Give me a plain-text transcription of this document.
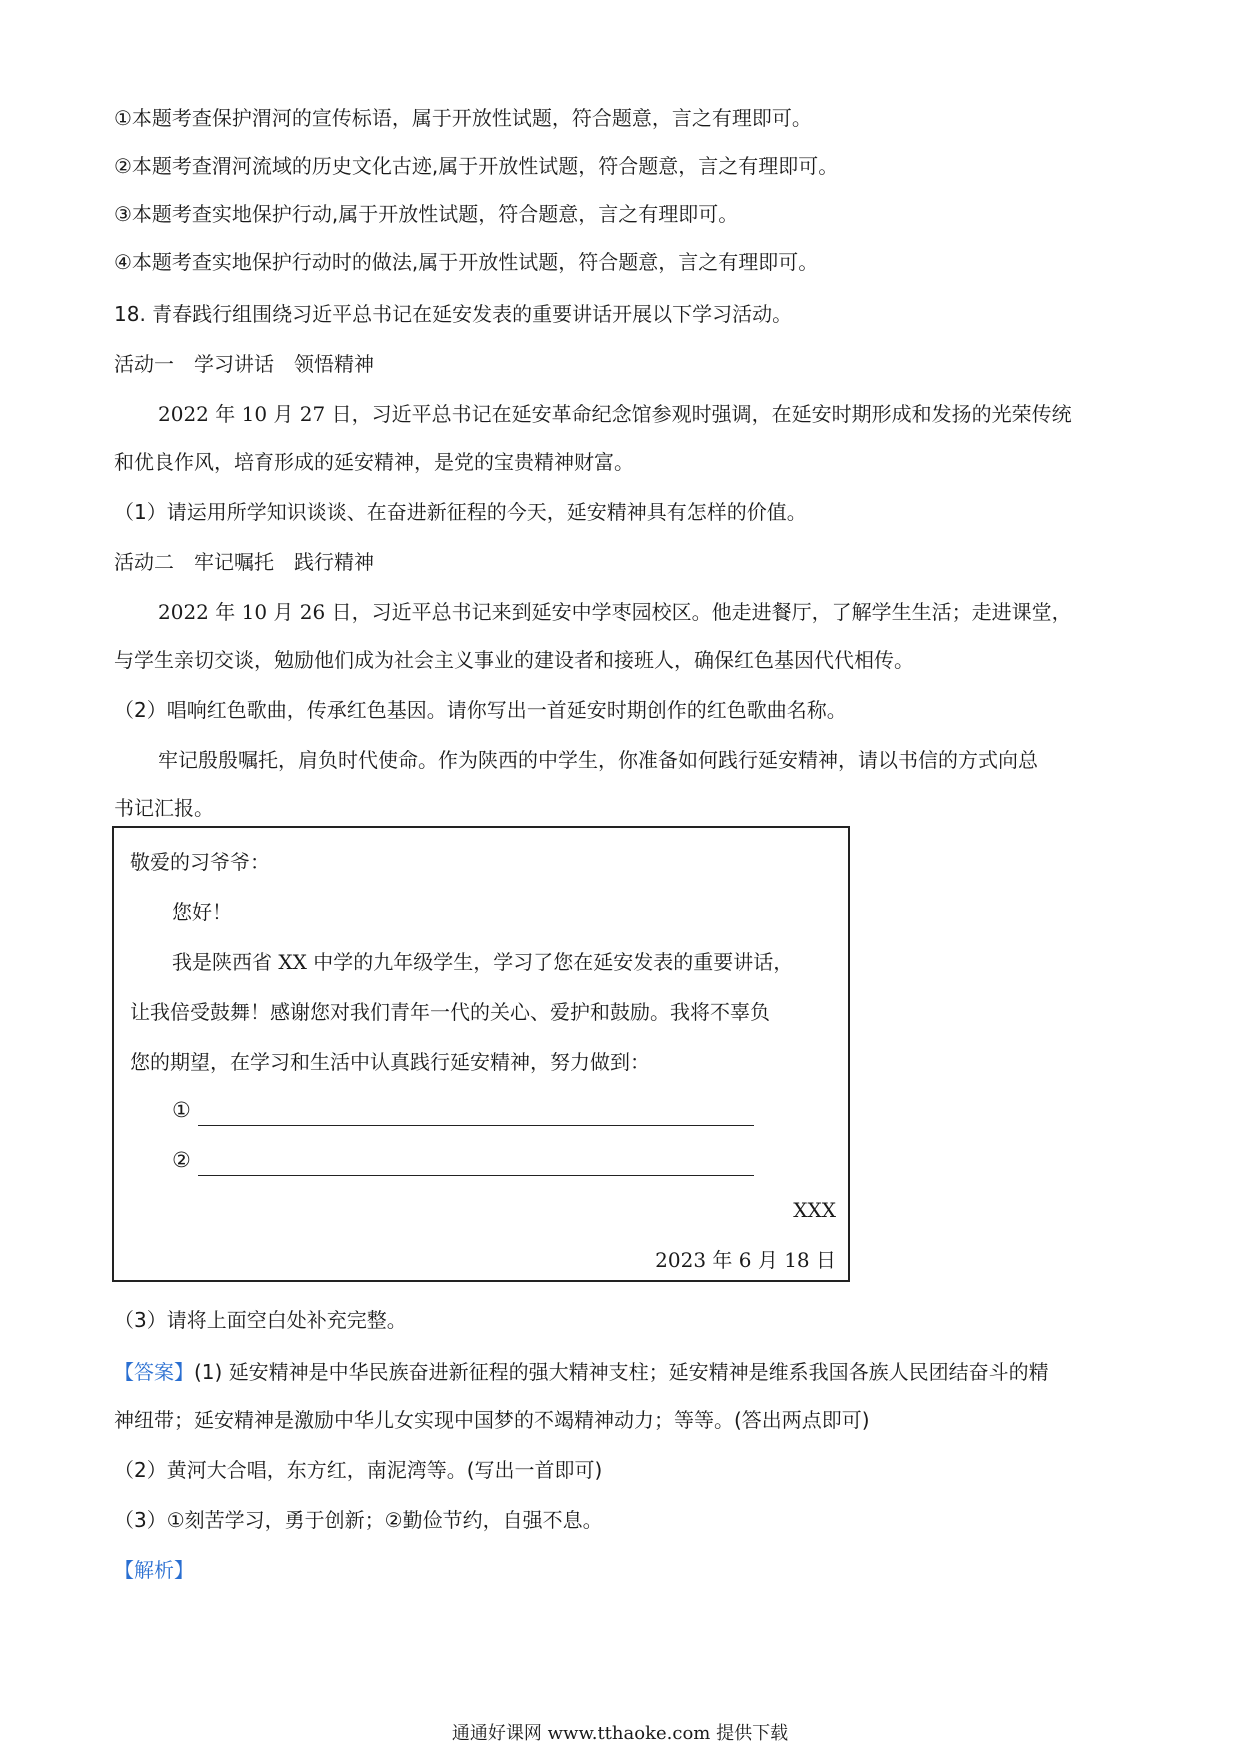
①本题考查保护渭河的宣传标语，属于开放性试题，符合题意，言之有理即可。
②本题考查渭河流域的历史文化古迹,属于开放性试题，符合题意，言之有理即可。
③本题考查实地保护行动,属于开放性试题，符合题意，言之有理即可。
④本题考查实地保护行动时的做法,属于开放性试题，符合题意，言之有理即可。
18. 青春践行组围绕习近平总书记在延安发表的重要讲话开展以下学习活动。
活动一　学习讲话　领悟精神
2022 年 10 月 27 日，习近平总书记在延安革命纪念馆参观时强调，在延安时期形成和发扬的光荣传统
和优良作风，培育形成的延安精神，是党的宝贵精神财富。
（1）请运用所学知识谈谈、在奋进新征程的今天，延安精神具有怎样的价值。
活动二　牢记嘱托　践行精神
2022 年 10 月 26 日，习近平总书记来到延安中学枣园校区。他走进餐厅，了解学生生活；走进课堂，
与学生亲切交谈，勉励他们成为社会主义事业的建设者和接班人，确保红色基因代代相传。
（2）唱响红色歌曲，传承红色基因。请你写出一首延安时期创作的红色歌曲名称。
牢记殷殷嘱托，肩负时代使命。作为陕西的中学生，你准备如何践行延安精神，请以书信的方式向总
书记汇报。
敬爱的习爷爷：
您好！
我是陕西省 XX 中学的九年级学生，学习了您在延安发表的重要讲话，
让我倍受鼓舞！感谢您对我们青年一代的关心、爱护和鼓励。我将不辜负
您的期望，在学习和生活中认真践行延安精神，努力做到：
①
②
XXX
2023 年 6 月 18 日
（3）请将上面空白处补充完整。
【答案】(1) 延安精神是中华民族奋进新征程的强大精神支柱；延安精神是维系我国各族人民团结奋斗的精
神纽带；延安精神是激励中华儿女实现中国梦的不竭精神动力；等等。(答出两点即可)
（2）黄河大合唱，东方红，南泥湾等。(写出一首即可)
（3）①刻苦学习，勇于创新；②勤俭节约，自强不息。
【解析】
通通好课网 www.tthaoke.com 提供下载
